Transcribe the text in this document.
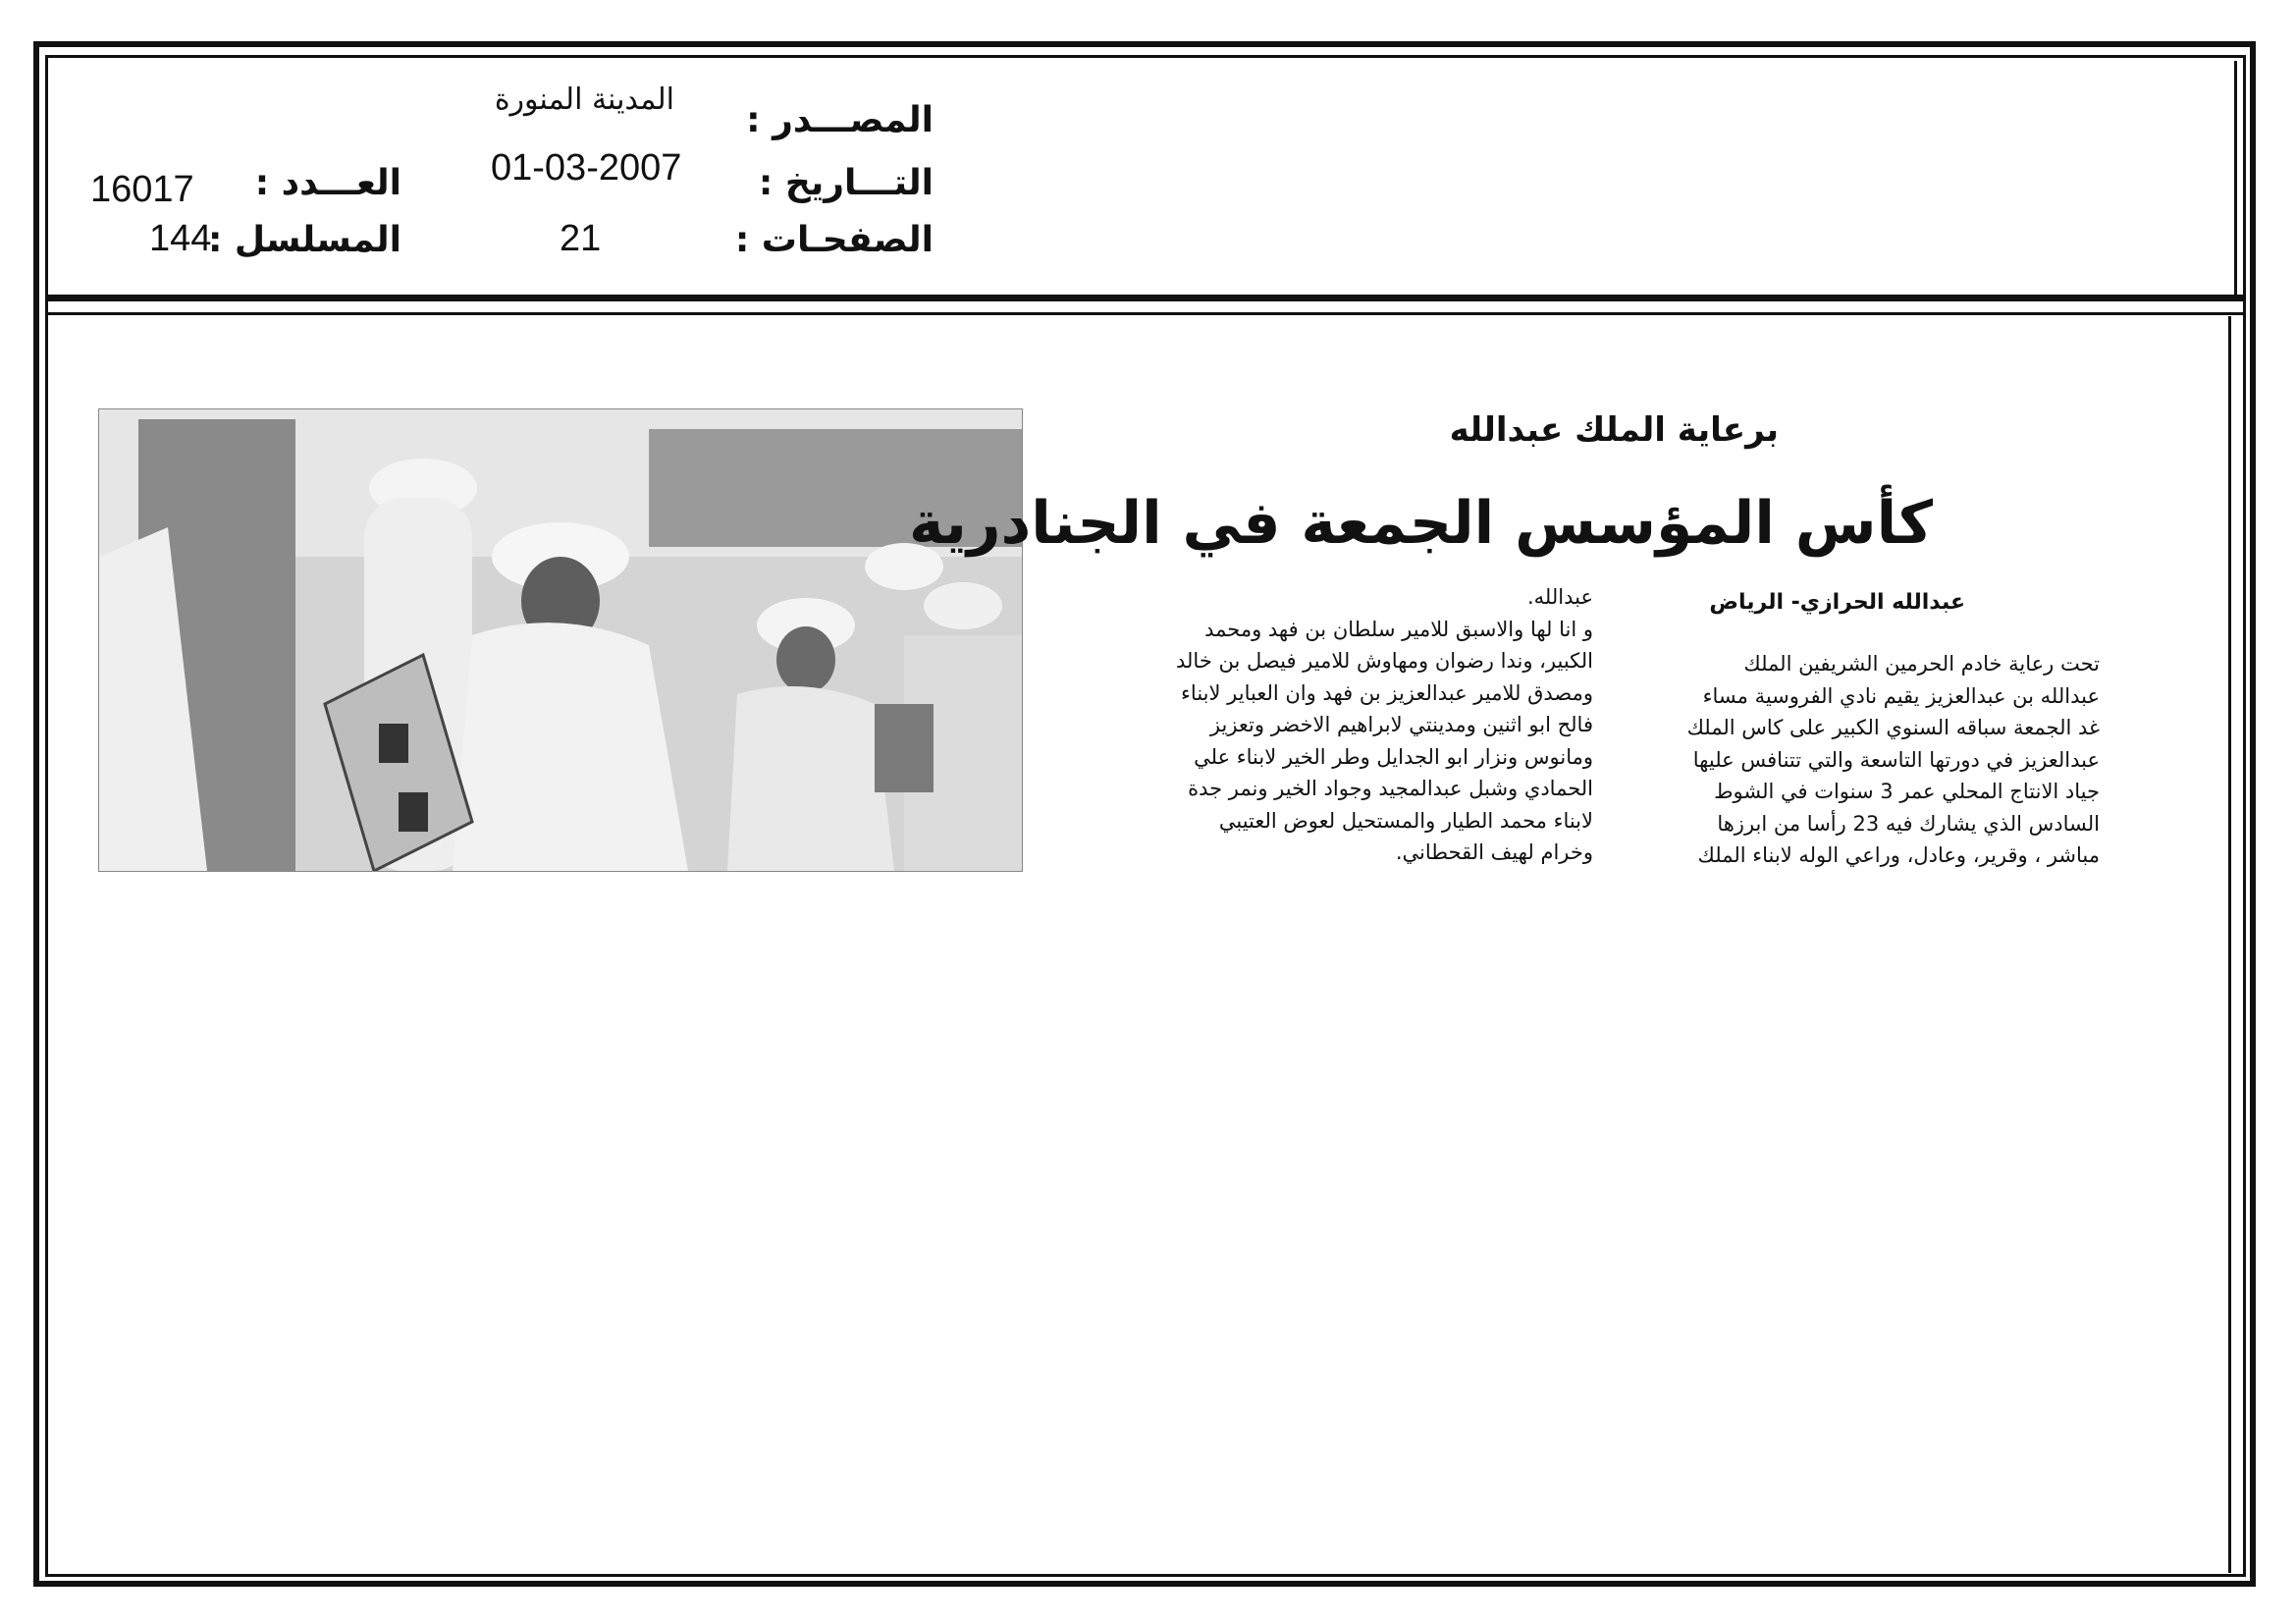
المصـــدر :
التـــاريخ :
الصفحـات :
العـــدد :
المسلسل :
المدينة المنورة
01-03-2007
21
16017
144
برعاية الملك عبدالله
كأس المؤسس الجمعة في الجنادرية
عبدالله الحرازي- الرياض
تحت رعاية خادم الحرمين الشريفين الملك
عبدالله بن عبدالعزيز يقيم نادي الفروسية مساء
غد الجمعة سباقه السنوي الكبير على كاس الملك
عبدالعزيز في دورتها التاسعة والتي تتنافس عليها
جياد الانتاج المحلي عمر 3 سنوات في الشوط
السادس الذي يشارك فيه 23 رأسا من ابرزها
مباشر ، وقرير، وعادل، وراعي الوله لابناء الملك
عبدالله.
و انا لها والاسبق للامير سلطان بن فهد ومحمد
الكبير، وندا رضوان ومهاوش للامير فيصل بن خالد
ومصدق للامير عبدالعزيز بن فهد وان العباير لابناء
فالح ابو اثنين ومدينتي لابراهيم الاخضر وتعزيز
ومانوس ونزار ابو الجدايل وطر الخير لابناء علي
الحمادي وشبل عبدالمجيد وجواد الخير ونمر جدة
لابناء محمد الطيار والمستحيل لعوض العتيبي
وخرام لهيف القحطاني.
